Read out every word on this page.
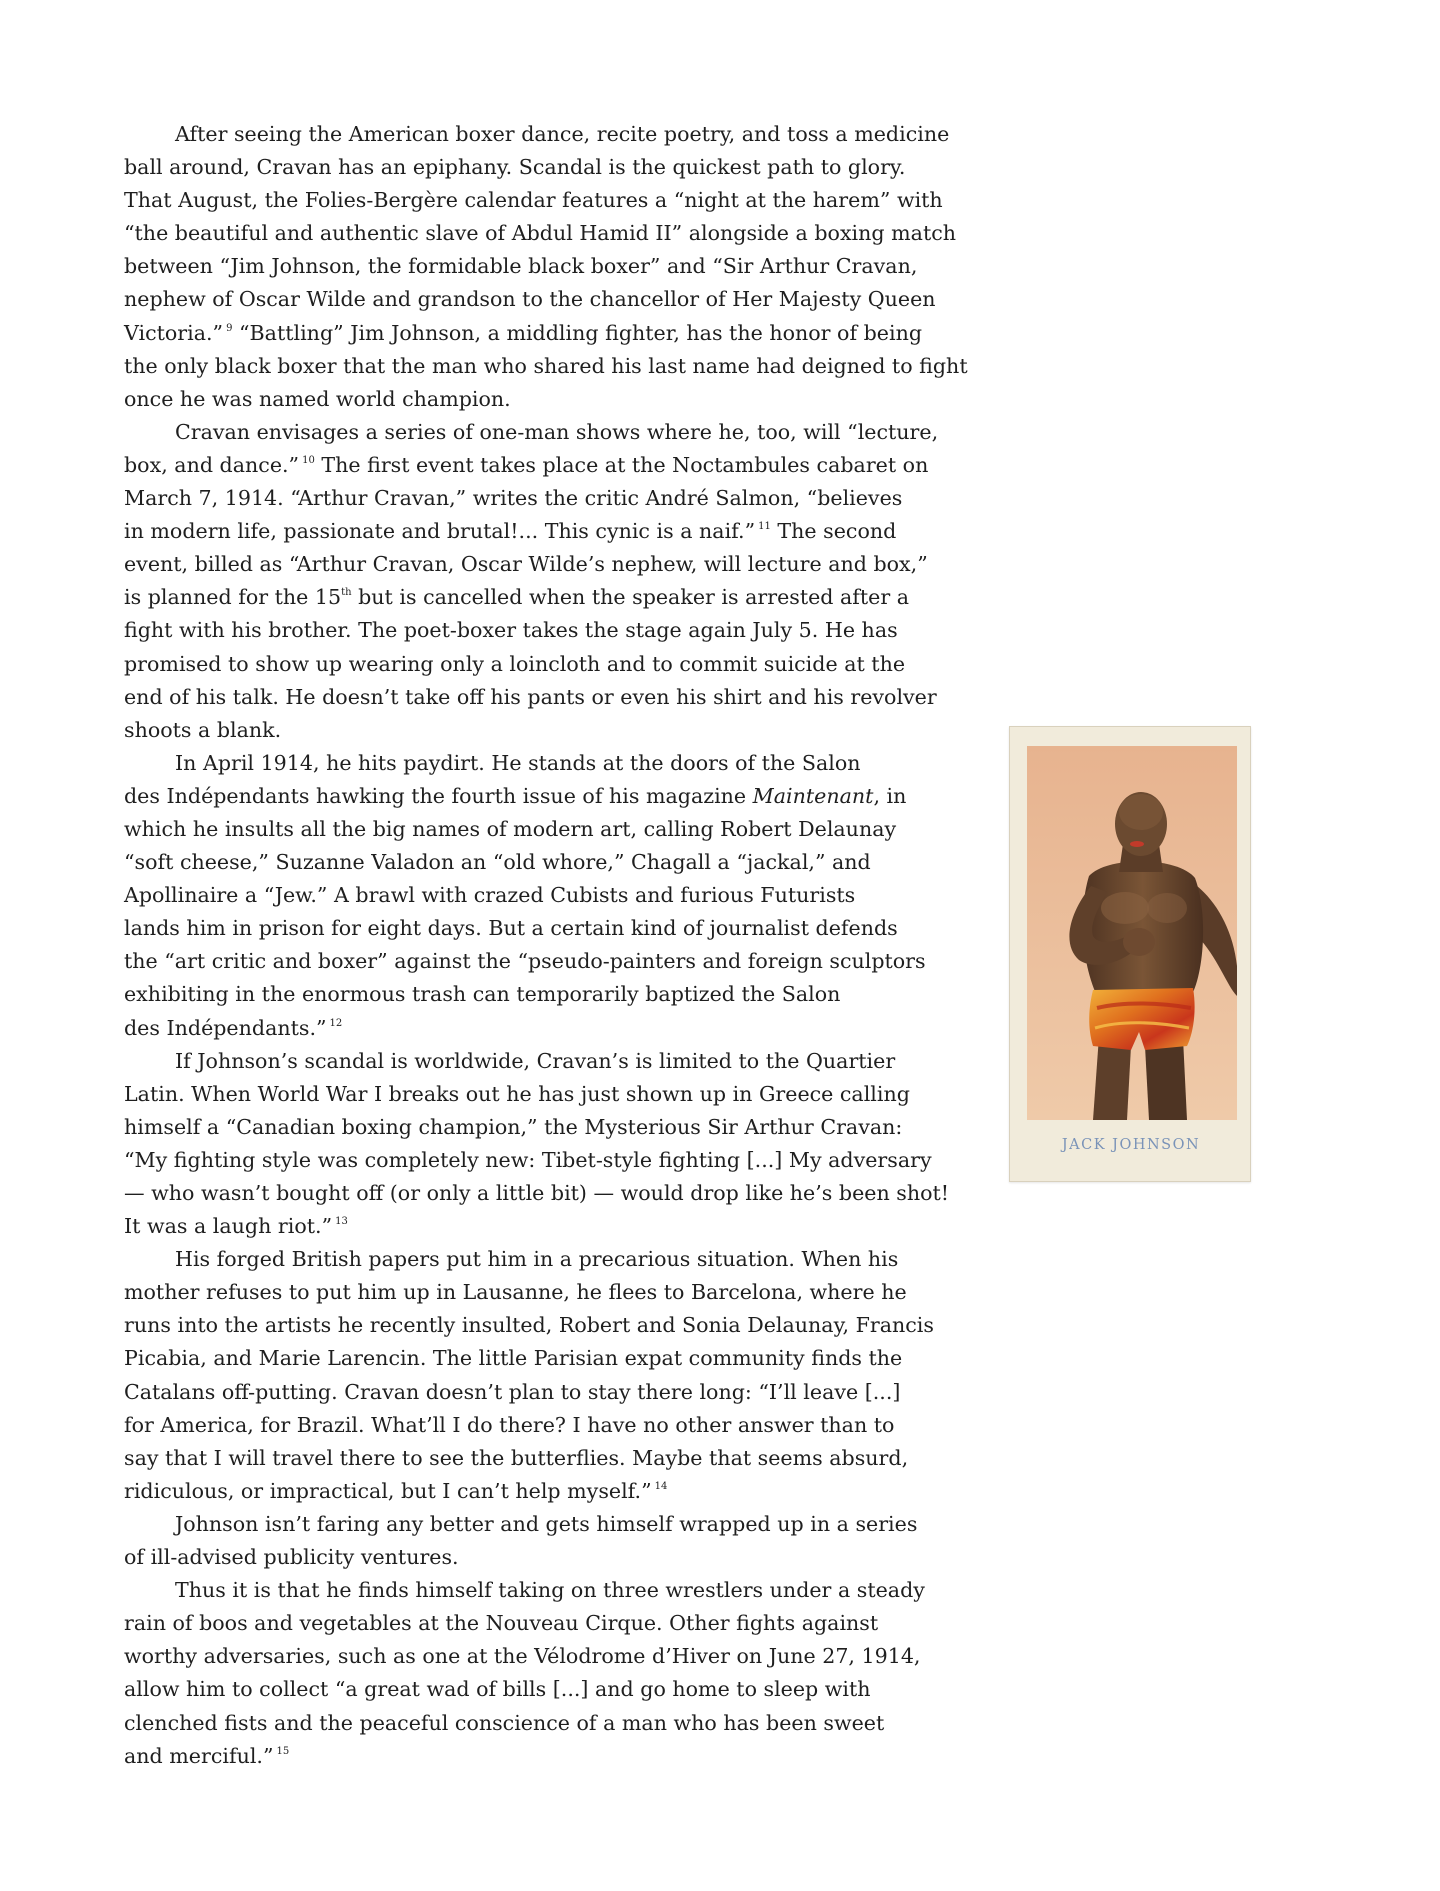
After seeing the American boxer dance, recite poetry, and toss a medicine
ball around, Cravan has an epiphany. Scandal is the quickest path to glory.
That August, the Folies-Bergère calendar features a “night at the harem” with
“the beautiful and authentic slave of Abdul Hamid II” alongside a boxing match
between “Jim Johnson, the formidable black boxer” and “Sir Arthur Cravan,
nephew of Oscar Wilde and grandson to the chancellor of Her Majesty Queen
Victoria.” $^9$ “Battling” Jim Johnson, a middling fighter, has the honor of being
the only black boxer that the man who shared his last name had deigned to fight
once he was named world champion.
Cravan envisages a series of one-man shows where he, too, will “lecture,
box, and dance.” $^{10}$ The first event takes place at the Noctambules cabaret on
March 7, 1914. “Arthur Cravan,” writes the critic André Salmon, “believes
in modern life, passionate and brutal!... This cynic is a naif.” $^{11}$ The second
event, billed as “Arthur Cravan, Oscar Wilde’s nephew, will lecture and box,”
is planned for the 15th but is cancelled when the speaker is arrested after a
fight with his brother. The poet-boxer takes the stage again July 5. He has
promised to show up wearing only a loincloth and to commit suicide at the
end of his talk. He doesn’t take off his pants or even his shirt and his revolver
shoots a blank.
In April 1914, he hits paydirt. He stands at the doors of the Salon
des Indépendants hawking the fourth issue of his magazine Maintenant, in
which he insults all the big names of modern art, calling Robert Delaunay
“soft cheese,” Suzanne Valadon an “old whore,” Chagall a “jackal,” and
Apollinaire a “Jew.” A brawl with crazed Cubists and furious Futurists
lands him in prison for eight days. But a certain kind of journalist defends
the “art critic and boxer” against the “pseudo-painters and foreign sculptors
exhibiting in the enormous trash can temporarily baptized the Salon
des Indépendants.” $^{12}$
If Johnson’s scandal is worldwide, Cravan’s is limited to the Quartier
Latin. When World War I breaks out he has just shown up in Greece calling
himself a “Canadian boxing champion,” the Mysterious Sir Arthur Cravan:
“My fighting style was completely new: Tibet-style fighting [...] My adversary
— who wasn’t bought off (or only a little bit) — would drop like he’s been shot!
It was a laugh riot.” $^{13}$
His forged British papers put him in a precarious situation. When his
mother refuses to put him up in Lausanne, he flees to Barcelona, where he
runs into the artists he recently insulted, Robert and Sonia Delaunay, Francis
Picabia, and Marie Larencin. The little Parisian expat community finds the
Catalans off-putting. Cravan doesn’t plan to stay there long: “I’ll leave [...]
for America, for Brazil. What’ll I do there? I have no other answer than to
say that I will travel there to see the butterflies. Maybe that seems absurd,
ridiculous, or impractical, but I can’t help myself.” $^{14}$
Johnson isn’t faring any better and gets himself wrapped up in a series
of ill-advised publicity ventures.
Thus it is that he finds himself taking on three wrestlers under a steady
rain of boos and vegetables at the Nouveau Cirque. Other fights against
worthy adversaries, such as one at the Vélodrome d’Hiver on June 27, 1914,
allow him to collect “a great wad of bills [...] and go home to sleep with
clenched fists and the peaceful conscience of a man who has been sweet
and merciful.” $^{15}$
JACK JOHNSON
